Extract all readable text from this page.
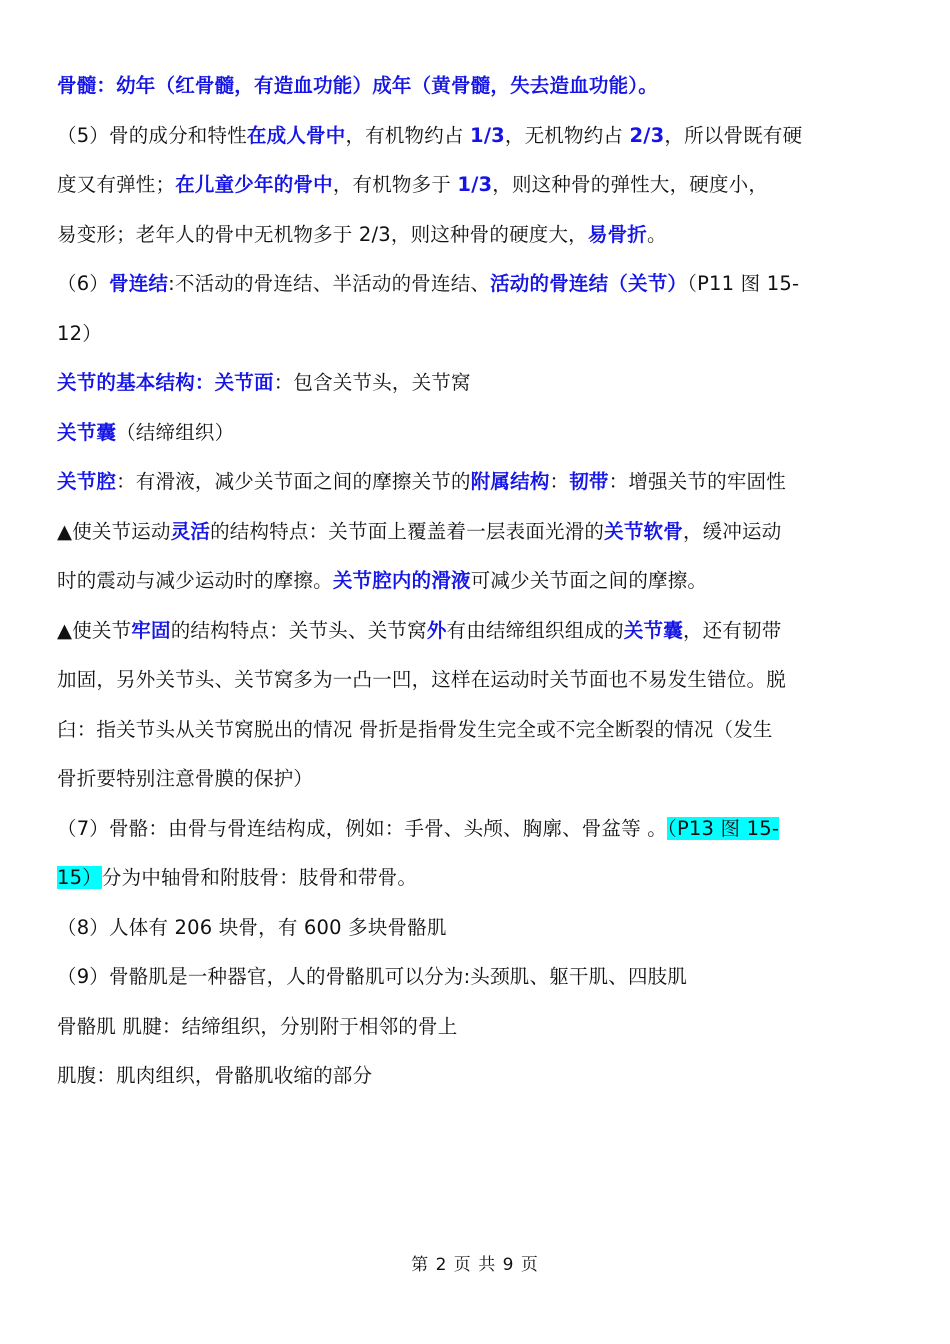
骨髓：幼年（红骨髓，有造血功能）成年（黄骨髓，失去造血功能）。
（5）骨的成分和特性在成人骨中，有机物约占 1/3，无机物约占 2/3，所以骨既有硬
度又有弹性；在儿童少年的骨中，有机物多于 1/3，则这种骨的弹性大，硬度小，
易变形；老年人的骨中无机物多于 2/3，则这种骨的硬度大，易骨折。
（6）骨连结:不活动的骨连结、半活动的骨连结、活动的骨连结（关节）（P11 图 15-
12）
关节的基本结构：关节面：包含关节头，关节窝
关节囊（结缔组织）
关节腔：有滑液，减少关节面之间的摩擦关节的附属结构：韧带：增强关节的牢固性
▲使关节运动灵活的结构特点：关节面上覆盖着一层表面光滑的关节软骨，缓冲运动
时的震动与减少运动时的摩擦。关节腔内的滑液可减少关节面之间的摩擦。
▲使关节牢固的结构特点：关节头、关节窝外有由结缔组织组成的关节囊，还有韧带
加固，另外关节头、关节窝多为一凸一凹，这样在运动时关节面也不易发生错位。脱
臼：指关节头从关节窝脱出的情况 骨折是指骨发生完全或不完全断裂的情况（发生
骨折要特别注意骨膜的保护）
（7）骨骼：由骨与骨连结构成，例如：手骨、头颅、胸廓、骨盆等 。（P13 图 15-
15）分为中轴骨和附肢骨：肢骨和带骨。
（8）人体有 206 块骨，有 600 多块骨骼肌
（9）骨骼肌是一种器官，人的骨骼肌可以分为:头颈肌、躯干肌、四肢肌
骨骼肌 肌腱：结缔组织，分别附于相邻的骨上
肌腹：肌肉组织，骨骼肌收缩的部分
第 2 页 共 9 页
